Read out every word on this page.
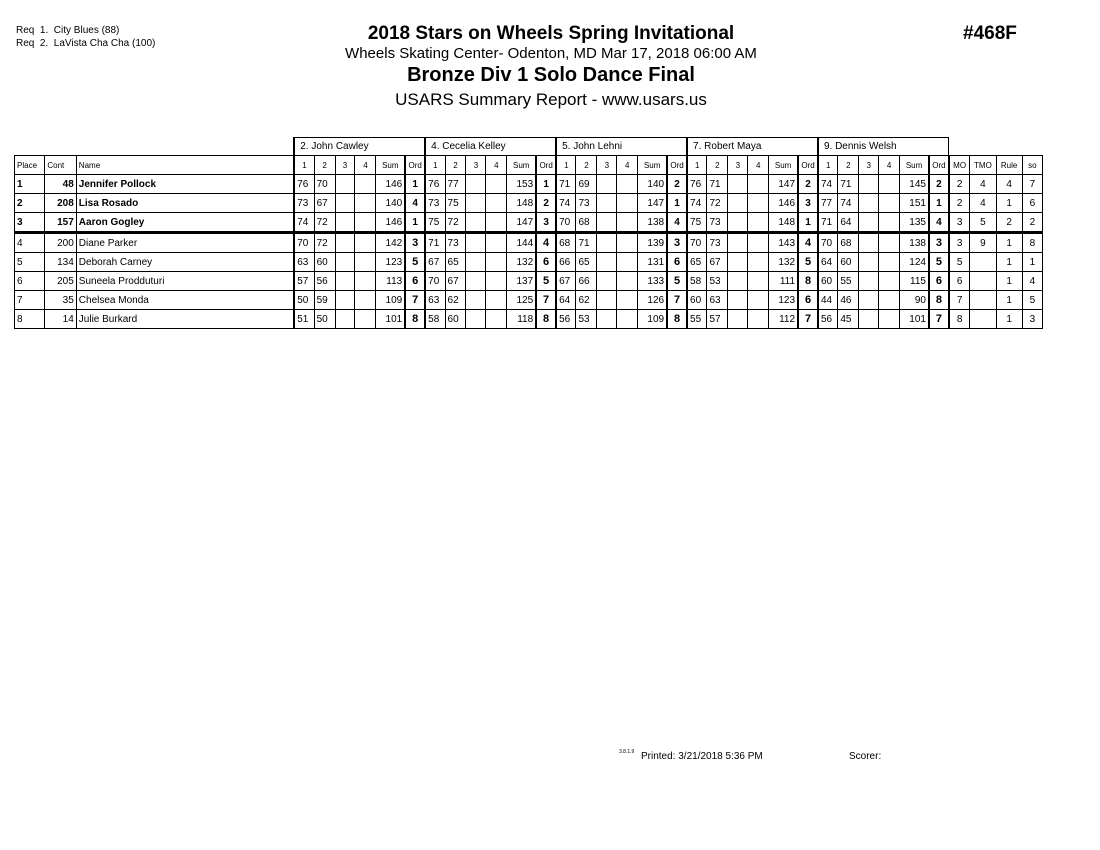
Req  1.  City Blues (88)
Req  2.  LaVista Cha Cha (100)	2018 Stars on Wheels Spring Invitational
Wheels Skating Center- Odenton, MD Mar 17, 2018 06:00 AM
Bronze Div 1 Solo Dance Final
USARS Summary Report - www.usars.us
#468F
			2. John Cawley						4. Cecelia Kelley						5. John Lehni						7. Robert Maya						9. Dennis Welsh									
Place	Cont	Name	1	2	3	4	Sum	Ord	1	2	3	4	Sum	Ord	1	2	3	4	Sum	Ord	1	2	3	4	Sum	Ord	1	2	3	4	Sum	Ord	MO	TMO	Rule	so
1	48	Jennifer Pollock	76	70			146	1	76	77			153	1	71	69			140	2	76	71			147	2	74	71			145	2	2	4	4	7
2	208	Lisa Rosado	73	67			140	4	73	75			148	2	74	73			147	1	74	72			146	3	77	74			151	1	2	4	1	6
3	157	Aaron Gogley	74	72			146	1	75	72			147	3	70	68			138	4	75	73			148	1	71	64			135	4	3	5	2	2
4	200	Diane Parker	70	72			142	3	71	73			144	4	68	71			139	3	70	73			143	4	70	68			138	3	3	9	1	8
5	134	Deborah Carney	63	60			123	5	67	65			132	6	66	65			131	6	65	67			132	5	64	60			124	5	5		1	1
6	205	Suneela Prodduturi	57	56			113	6	70	67			137	5	67	66			133	5	58	53			111	8	60	55			115	6	6		1	4
7	35	Chelsea Monda	50	59			109	7	63	62			125	7	64	62			126	7	60	63			123	6	44	46			90	8	7		1	5
8	14	Julie Burkard	51	50			101	8	58	60			118	8	56	53			109	8	55	57			112	7	56	45			101	7	8		1	3
3.8.1.9 Printed: 3/21/2018 5:36 PM	Scorer:
